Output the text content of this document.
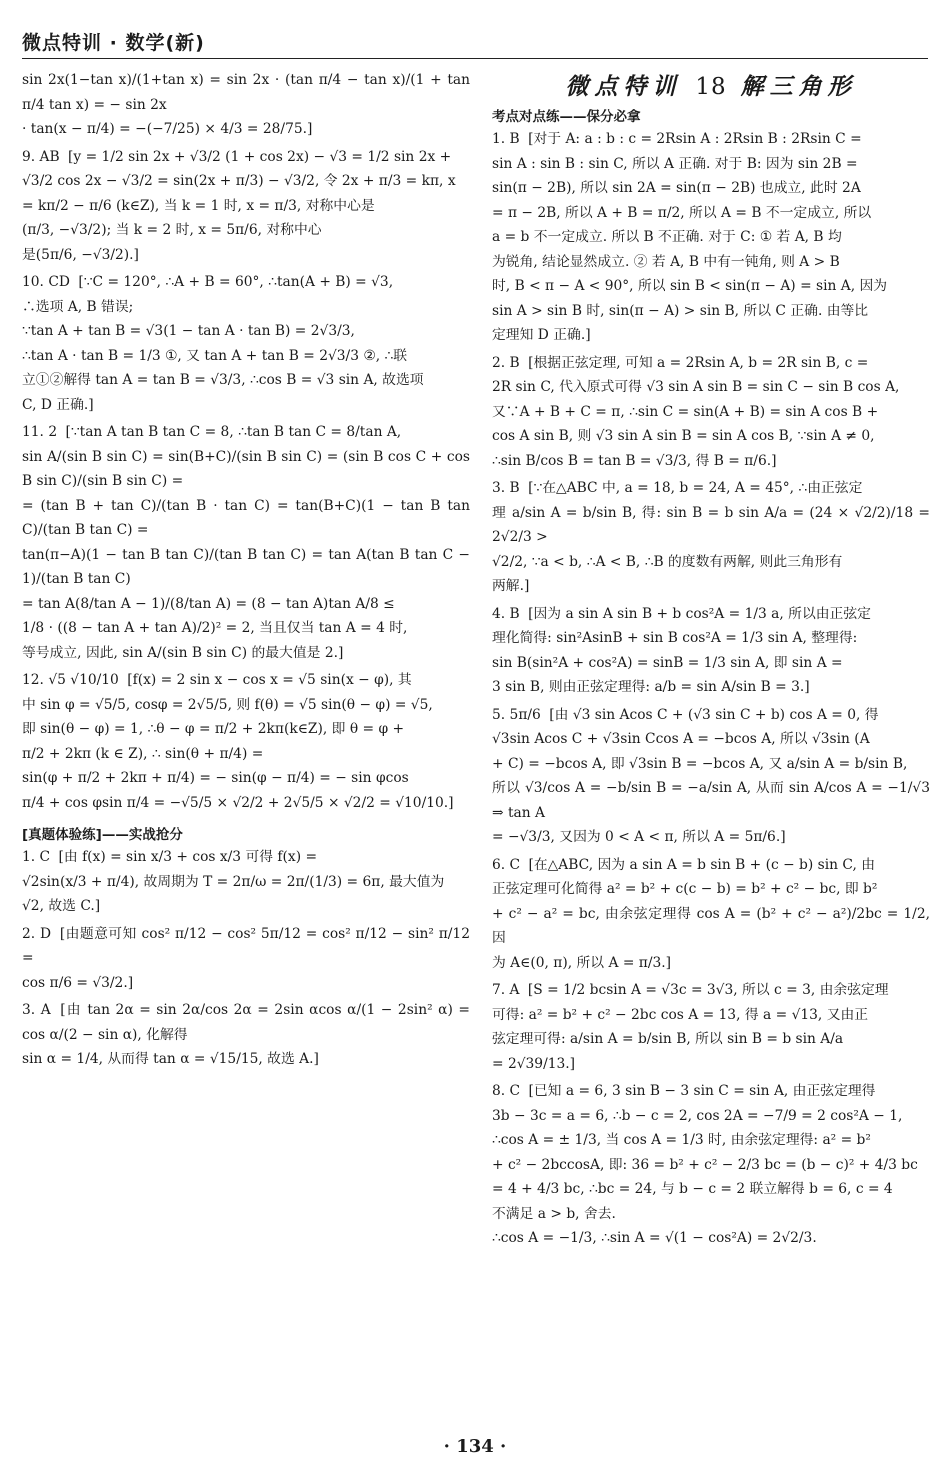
微点特训 · 数学(新)
sin 2x(1−tan x)/(1+tan x) = sin 2x · (tan π/4 − tan x)/(1 + tan π/4 tan x) = − sin 2x
· tan(x − π/4) = −(−7/25) × 4/3 = 28/75.]
9. AB [y = 1/2 sin 2x + √3/2 (1 + cos 2x) − √3 = 1/2 sin 2x +
√3/2 cos 2x − √3/2 = sin(2x + π/3) − √3/2, 令 2x + π/3 = kπ, x
= kπ/2 − π/6 (k∈Z), 当 k = 1 时, x = π/3, 对称中心是
(π/3, −√3/2); 当 k = 2 时, x = 5π/6, 对称中心
是(5π/6, −√3/2).]
10. CD [∵C = 120°, ∴A + B = 60°, ∴tan(A + B) = √3,
∴选项 A, B 错误;
∵tan A + tan B = √3(1 − tan A · tan B) = 2√3/3,
∴tan A · tan B = 1/3 ①, 又 tan A + tan B = 2√3/3 ②, ∴联
立①②解得 tan A = tan B = √3/3, ∴cos B = √3 sin A, 故选项
C, D 正确.]
11. 2 [∵tan A tan B tan C = 8, ∴tan B tan C = 8/tan A,
sin A/(sin B sin C) = sin(B+C)/(sin B sin C) = (sin B cos C + cos B sin C)/(sin B sin C) =
= (tan B + tan C)/(tan B · tan C) = tan(B+C)(1 − tan B tan C)/(tan B tan C) =
tan(π−A)(1 − tan B tan C)/(tan B tan C) = tan A(tan B tan C − 1)/(tan B tan C)
= tan A(8/tan A − 1)/(8/tan A) = (8 − tan A)tan A/8 ≤
1/8 · ((8 − tan A + tan A)/2)² = 2, 当且仅当 tan A = 4 时,
等号成立, 因此, sin A/(sin B sin C) 的最大值是 2.]
12. √5 √10/10 [f(x) = 2 sin x − cos x = √5 sin(x − φ), 其
中 sin φ = √5/5, cosφ = 2√5/5, 则 f(θ) = √5 sin(θ − φ) = √5,
即 sin(θ − φ) = 1, ∴θ − φ = π/2 + 2kπ(k∈Z), 即 θ = φ +
π/2 + 2kπ (k ∈ Z), ∴ sin(θ + π/4) =
sin(φ + π/2 + 2kπ + π/4) = − sin(φ − π/4) = − sin φcos
π/4 + cos φsin π/4 = −√5/5 × √2/2 + 2√5/5 × √2/2 = √10/10.]
[真题体验练]——实战抢分
1. C [由 f(x) = sin x/3 + cos x/3 可得 f(x) =
√2sin(x/3 + π/4), 故周期为 T = 2π/ω = 2π/(1/3) = 6π, 最大值为
√2, 故选 C.]
2. D [由题意可知 cos² π/12 − cos² 5π/12 = cos² π/12 − sin² π/12 =
cos π/6 = √3/2.]
3. A [由 tan 2α = sin 2α/cos 2α = 2sin αcos α/(1 − 2sin² α) = cos α/(2 − sin α), 化解得
sin α = 1/4, 从而得 tan α = √15/15, 故选 A.]
微点特训 18 解三角形
考点对点练——保分必拿
1. B [对于 A: a : b : c = 2Rsin A : 2Rsin B : 2Rsin C =
sin A : sin B : sin C, 所以 A 正确. 对于 B: 因为 sin 2B =
sin(π − 2B), 所以 sin 2A = sin(π − 2B) 也成立, 此时 2A
= π − 2B, 所以 A + B = π/2, 所以 A = B 不一定成立, 所以
a = b 不一定成立. 所以 B 不正确. 对于 C: ① 若 A, B 均
为锐角, 结论显然成立. ② 若 A, B 中有一钝角, 则 A > B
时, B < π − A < 90°, 所以 sin B < sin(π − A) = sin A, 因为
sin A > sin B 时, sin(π − A) > sin B, 所以 C 正确. 由等比
定理知 D 正确.]
2. B [根据正弦定理, 可知 a = 2Rsin A, b = 2R sin B, c =
2R sin C, 代入原式可得 √3 sin A sin B = sin C − sin B cos A,
又∵A + B + C = π, ∴sin C = sin(A + B) = sin A cos B +
cos A sin B, 则 √3 sin A sin B = sin A cos B, ∵sin A ≠ 0,
∴sin B/cos B = tan B = √3/3, 得 B = π/6.]
3. B [∵在△ABC 中, a = 18, b = 24, A = 45°, ∴由正弦定
理 a/sin A = b/sin B, 得: sin B = b sin A/a = (24 × √2/2)/18 = 2√2/3 >
√2/2, ∵a < b, ∴A < B, ∴B 的度数有两解, 则此三角形有
两解.]
4. B [因为 a sin A sin B + b cos²A = 1/3 a, 所以由正弦定
理化简得: sin²AsinB + sin B cos²A = 1/3 sin A, 整理得:
sin B(sin²A + cos²A) = sinB = 1/3 sin A, 即 sin A =
3 sin B, 则由正弦定理得: a/b = sin A/sin B = 3.]
5. 5π/6 [由 √3 sin Acos C + (√3 sin C + b) cos A = 0, 得
√3sin Acos C + √3sin Ccos A = −bcos A, 所以 √3sin (A
+ C) = −bcos A, 即 √3sin B = −bcos A, 又 a/sin A = b/sin B,
所以 √3/cos A = −b/sin B = −a/sin A, 从而 sin A/cos A = −1/√3 ⇒ tan A
= −√3/3, 又因为 0 < A < π, 所以 A = 5π/6.]
6. C [在△ABC, 因为 a sin A = b sin B + (c − b) sin C, 由
正弦定理可化简得 a² = b² + c(c − b) = b² + c² − bc, 即 b²
+ c² − a² = bc, 由余弦定理得 cos A = (b² + c² − a²)/2bc = 1/2, 因
为 A∈(0, π), 所以 A = π/3.]
7. A [S = 1/2 bcsin A = √3c = 3√3, 所以 c = 3, 由余弦定理
可得: a² = b² + c² − 2bc cos A = 13, 得 a = √13, 又由正
弦定理可得: a/sin A = b/sin B, 所以 sin B = b sin A/a
= 2√39/13.]
8. C [已知 a = 6, 3 sin B − 3 sin C = sin A, 由正弦定理得
3b − 3c = a = 6, ∴b − c = 2, cos 2A = −7/9 = 2 cos²A − 1,
∴cos A = ± 1/3, 当 cos A = 1/3 时, 由余弦定理得: a² = b²
+ c² − 2bccosA, 即: 36 = b² + c² − 2/3 bc = (b − c)² + 4/3 bc
= 4 + 4/3 bc, ∴bc = 24, 与 b − c = 2 联立解得 b = 6, c = 4
不满足 a > b, 舍去.
∴cos A = −1/3, ∴sin A = √(1 − cos²A) = 2√2/3.
· 134 ·
